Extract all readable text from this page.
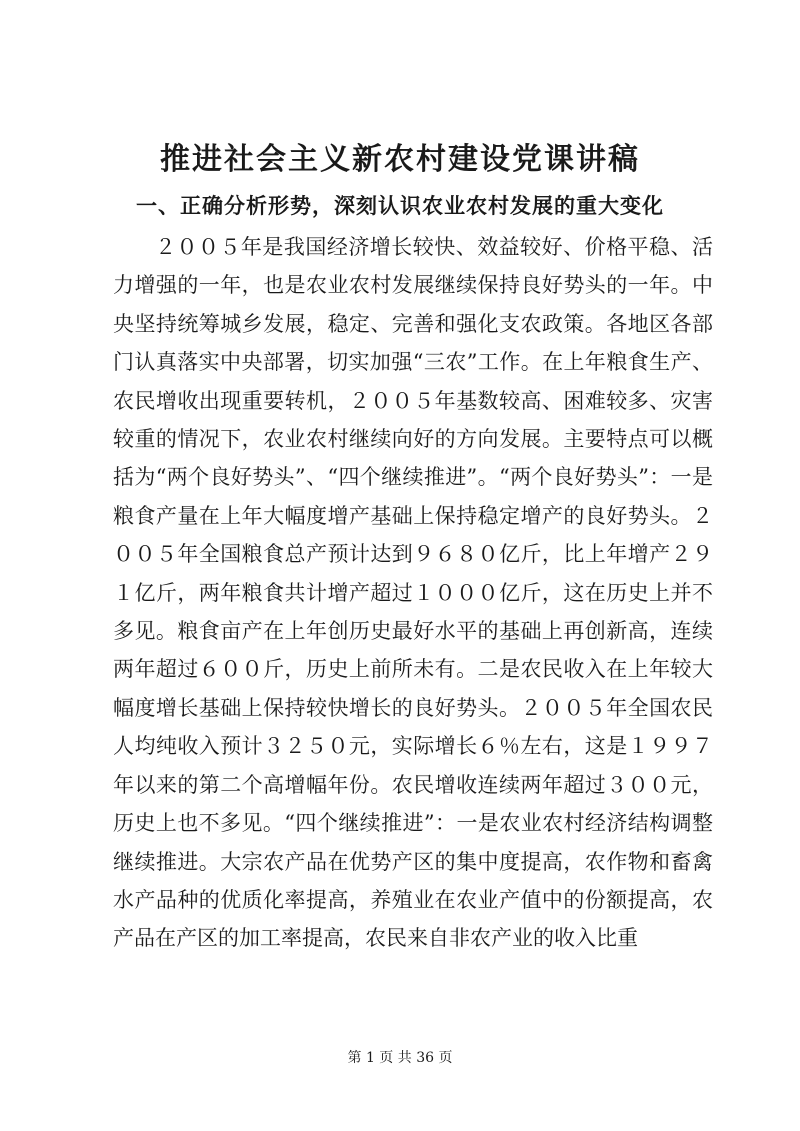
推进社会主义新农村建设党课讲稿
一、正确分析形势，深刻认识农业农村发展的重大变化

２００５年是我国经济增长较快、效益较好、价格平稳、活力增强的一年，也是农业农村发展继续保持良好势头的一年。中央坚持统筹城乡发展，稳定、完善和强化支农政策。各地区各部门认真落实中央部署，切实加强“三农”工作。在上年粮食生产、农民增收出现重要转机，２００５年基数较高、困难较多、灾害较重的情况下，农业农村继续向好的方向发展。主要特点可以概括为“两个良好势头”、“四个继续推进”。“两个良好势头”：一是粮食产量在上年大幅度增产基础上保持稳定增产的良好势头。２００５年全国粮食总产预计达到９６８０亿斤，比上年增产２９１亿斤，两年粮食共计增产超过１０００亿斤，这在历史上并不多见。粮食亩产在上年创历史最好水平的基础上再创新高，连续两年超过６００斤，历史上前所未有。二是农民收入在上年较大幅度增长基础上保持较快增长的良好势头。２００５年全国农民人均纯收入预计３２５０元，实际增长６％左右，这是１９９７年以来的第二个高增幅年份。农民增收连续两年超过３００元，历史上也不多见。“四个继续推进”：一是农业农村经济结构调整继续推进。大宗农产品在优势产区的集中度提高，农作物和畜禽水产品种的优质化率提高，养殖业在农业产值中的份额提高，农产品在产区的加工率提高，农民来自非农产业的收入比重

第 1 页 共 36 页
